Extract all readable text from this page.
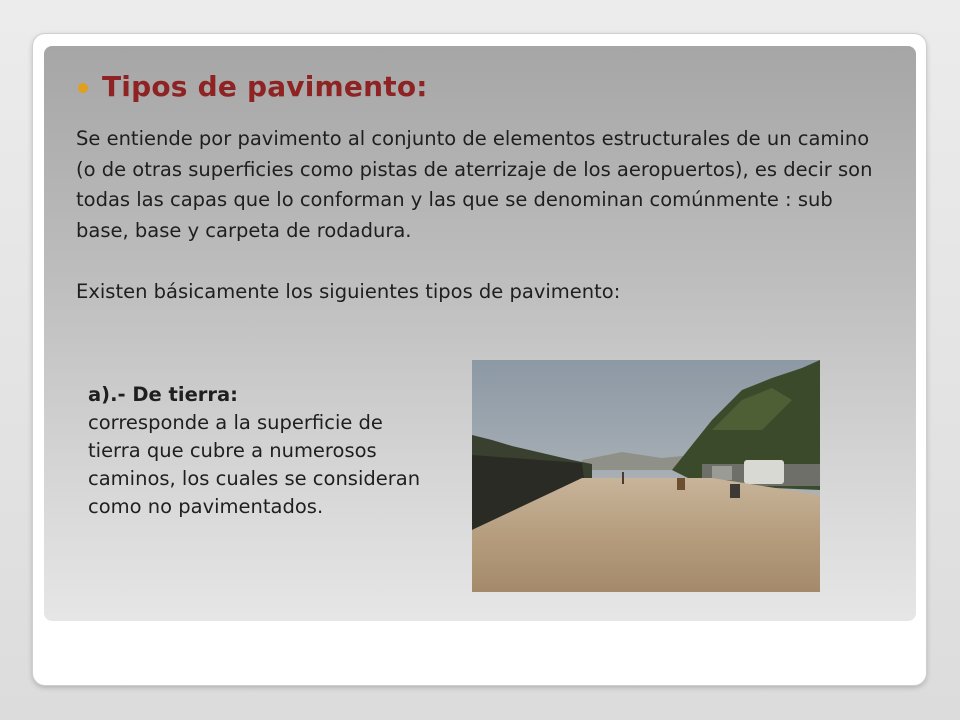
Tipos de pavimento:

Se entiende por pavimento al conjunto de elementos estructurales de un camino (o de otras superficies como pistas de aterrizaje de los aeropuertos), es decir son todas las capas que lo conforman y las que se denominan comúnmente : sub base, base y carpeta de rodadura.

Existen básicamente los siguientes tipos de pavimento:

a).- De tierra:
corresponde a la superficie de tierra que cubre a numerosos caminos, los cuales se consideran como no pavimentados.
